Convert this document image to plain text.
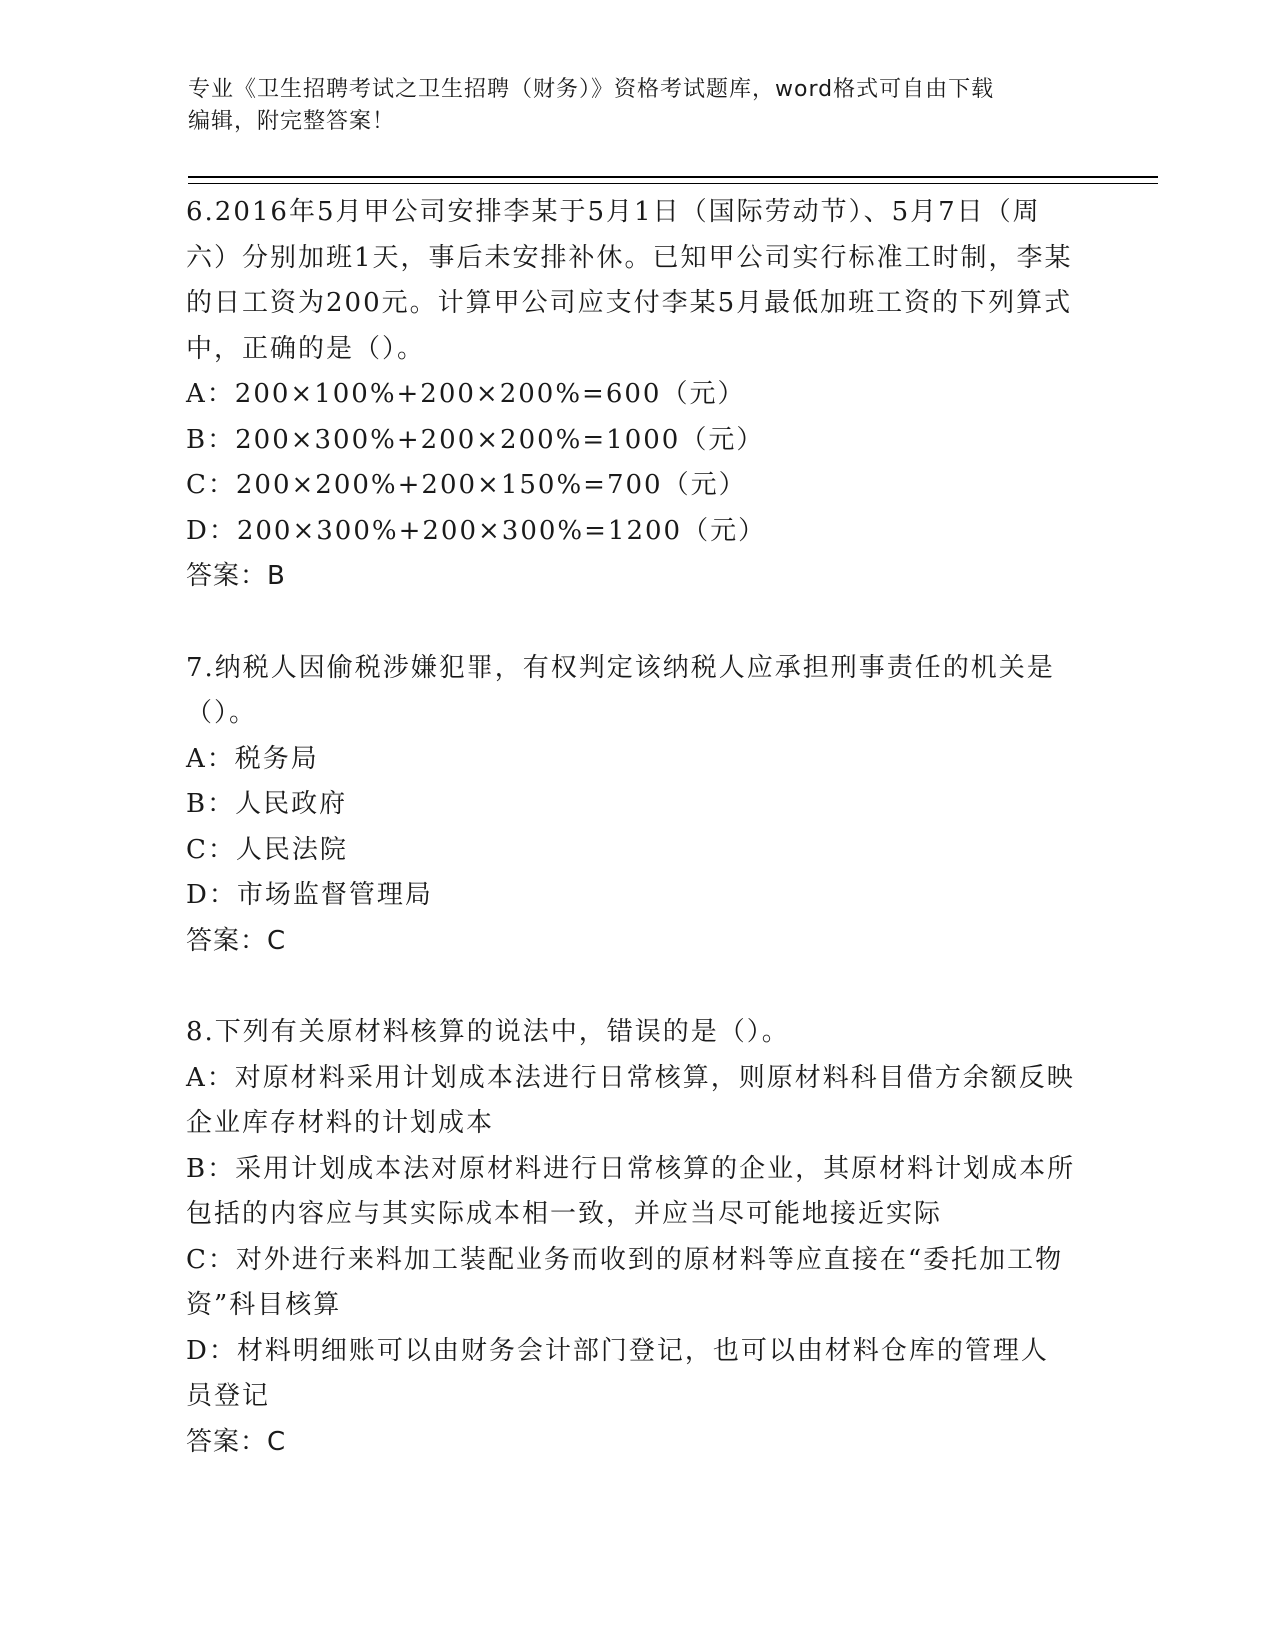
专业《卫生招聘考试之卫生招聘（财务）》资格考试题库，word格式可自由下载
编辑，附完整答案！

6.2016年5月甲公司安排李某于5月1日（国际劳动节）、5月7日（周六）分别加班1天，事后未安排补休。已知甲公司实行标准工时制，李某的日工资为200元。计算甲公司应支付李某5月最低加班工资的下列算式中，正确的是（）。

A：200×100%+200×200%=600（元）

B：200×300%+200×200%=1000（元）

C：200×200%+200×150%=700（元）

D：200×300%+200×300%=1200（元）

答案：B

7.纳税人因偷税涉嫌犯罪，有权判定该纳税人应承担刑事责任的机关是（）。

A：税务局

B：人民政府

C：人民法院

D：市场监督管理局

答案：C

8.下列有关原材料核算的说法中，错误的是（）。

A：对原材料采用计划成本法进行日常核算，则原材料科目借方余额反映企业库存材料的计划成本

B：采用计划成本法对原材料进行日常核算的企业，其原材料计划成本所包括的内容应与其实际成本相一致，并应当尽可能地接近实际

C：对外进行来料加工装配业务而收到的原材料等应直接在“委托加工物资”科目核算

D：材料明细账可以由财务会计部门登记，也可以由材料仓库的管理人员登记

答案：C
